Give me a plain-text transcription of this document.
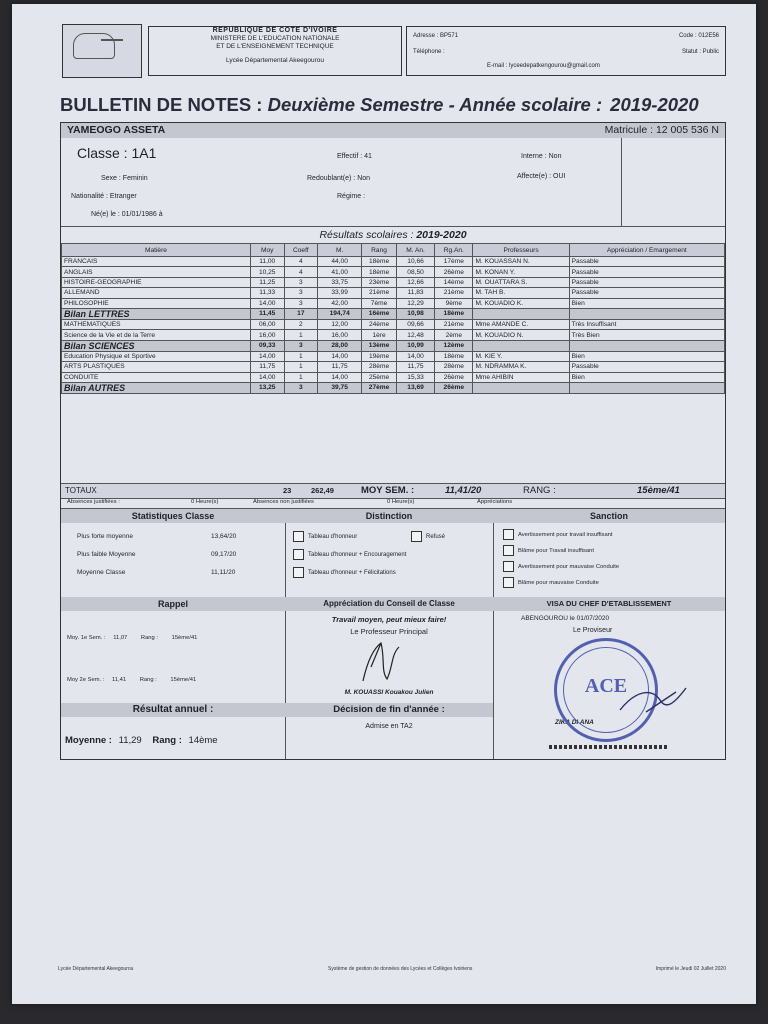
REPUBLIQUE DE COTE D'IVOIRE
MINISTERE DE L'EDUCATION NATIONALE
ET DE L'ENSEIGNEMENT TECHNIQUE
Lycée Départemental Akeegourou
Adresse : BP571
Téléphone :
E-mail : lyceedepatkengourou@gmail.com
Code : 012E56
Statut : Public
BULLETIN DE NOTES : Deuxième Semestre - Année scolaire : 2019-2020
YAMEOGO ASSETA	Matricule : 12 005 536 N
Classe : 1A1	Effectif : 41	Interne : Non
Sexe : Feminin	Redoublant(e) : Non	Affecte(e) : OUI
Nationalité : Etranger	Régime :
Né(e) le : 01/01/1986 à
Résultats scolaires : 2019-2020
Matière	Moy	Coeff	M.	Rang	M. An.	Rg.An.	Professeurs	Appréciation / Emargement
FRANCAIS	11,00	4	44,00	18ème	10,66	17ème	M. KOUASSAN N.	Passable
ANGLAIS	10,25	4	41,00	18ème	08,50	26ème	M. KONAN Y.	Passable
HISTOIRE-GEOGRAPHIE	11,25	3	33,75	23ème	12,66	14ème	M. OUATTARA S.	Passable
ALLEMAND	11,33	3	33,99	21ème	11,83	21ème	M. TAH B.	Passable
PHILOSOPHIE	14,00	3	42,00	7ème	12,29	9ème	M. KOUADIO K.	Bien
Bilan LETTRES	11,45	17	194,74	16ème	10,98	18ème		
MATHEMATIQUES	06,00	2	12,00	24ème	09,66	21ème	Mme AMANDE C.	Très Insuffisant
Science de la Vie et de la Terre	16,00	1	16,00	1ère	12,48	2ème	M. KOUADIO N.	Très Bien
Bilan SCIENCES	09,33	3	28,00	13ème	10,99	12ème		
Education Physique et Sportive	14,00	1	14,00	19ème	14,00	18ème	M. KIE Y.	Bien
ARTS PLASTIQUES	11,75	1	11,75	28ème	11,75	28ème	M. NDRAMMA K.	Passable
CONDUITE	14,00	1	14,00	25ème	15,33	26ème	Mme AHIBIN	Bien
Bilan AUTRES	13,25	3	39,75	27ème	13,69	26ème		
TOTAUX	23	262,49	MOY SEM. :	11,41/20	RANG :	15ème/41
Absences justifiées :	0 Heure(s)	Absences non justifiées	0 Heure(s)	Appréciations
Statistiques Classe
Plus forte moyenne	13,64/20
Plus faible Moyenne	09,17/20
Moyenne Classe	11,11/20
Distinction
Tableau d'honneur	Refusé
Tableau d'honneur + Encouragement
Tableau d'honneur + Félicitations
Sanction
Avertissement pour travail insuffisant
Blâme pour Travail insuffisant
Avertissement pour mauvaise Conduite
Blâme pour mauvaise Conduite
Rappel
Moy. 1e Sem. : 11,07 Rang : 15ème/41
Moy 2e Sem. : 11,41 Rang : 15ème/41
Appréciation du Conseil de Classe
Travail moyen, peut mieux faire!
Le Professeur Principal
M. KOUASSI Kouakou Julien
VISA DU CHEF D'ETABLISSEMENT
ABENGOUROU le 01/07/2020
Le Proviseur
ZIKA DI ANA
Résultat annuel :
Moyenne : 11,29 Rang : 14ème
Décision de fin d'année :
Admise en TA2
ACE
Lycée Départemental Akeegourou	Système de gestion de données des Lycées et Collèges Ivoiriens	Imprimé le Jeudi 02 Juillet 2020
